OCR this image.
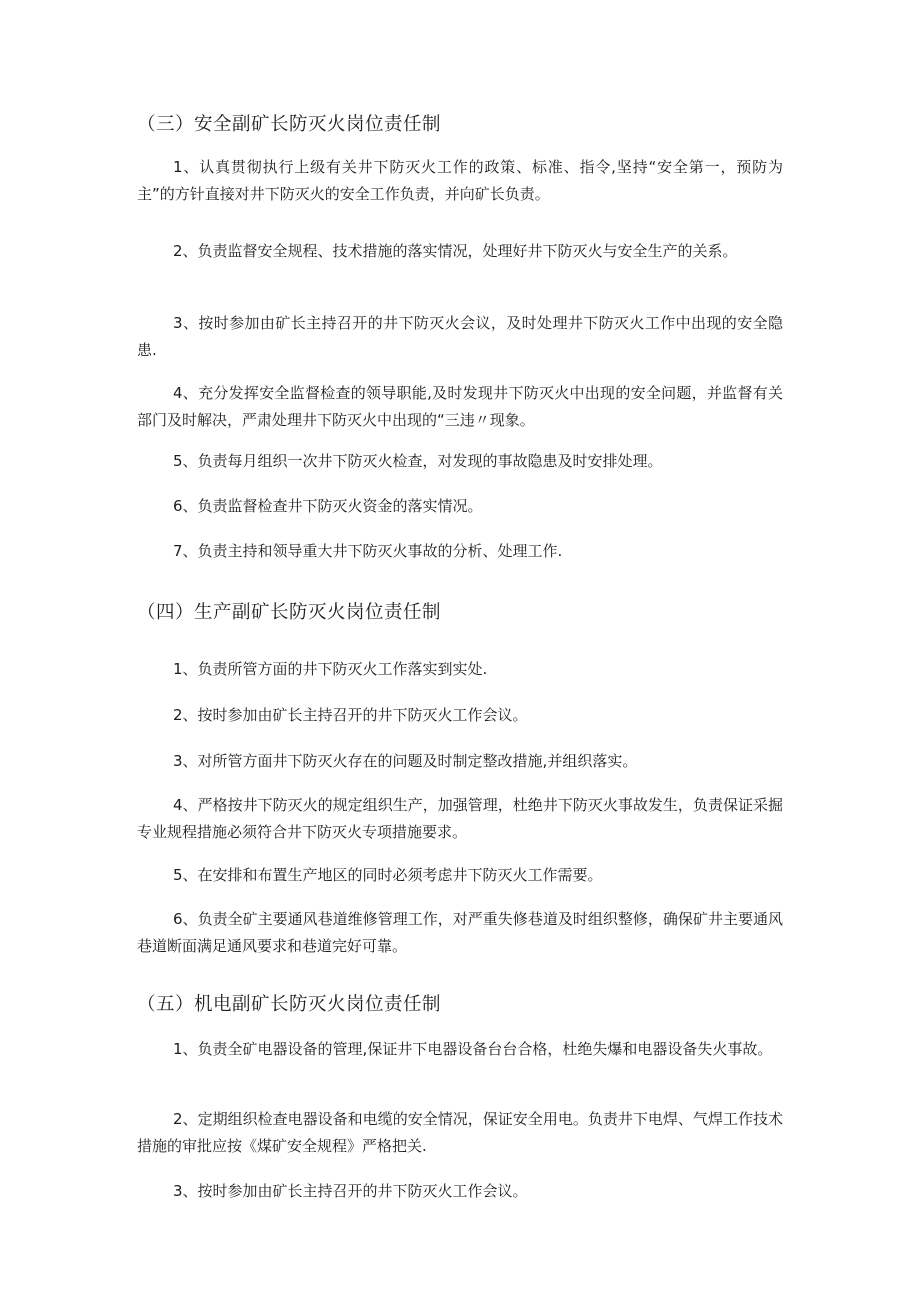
（三）安全副矿长防灭火岗位责任制

1、认真贯彻执行上级有关井下防灭火工作的政策、标准、指令,坚持“安全第一，预防为主”的方针直接对井下防灭火的安全工作负责，并向矿长负责。

2、负责监督安全规程、技术措施的落实情况，处理好井下防灭火与安全生产的关系。

3、按时参加由矿长主持召开的井下防灭火会议，及时处理井下防灭火工作中出现的安全隐患.

4、充分发挥安全监督检查的领导职能,及时发现井下防灭火中出现的安全问题，并监督有关部门及时解决，严肃处理井下防灭火中出现的“三违〃现象。

5、负责每月组织一次井下防灭火检查，对发现的事故隐患及时安排处理。

6、负责监督检查井下防灭火资金的落实情况。

7、负责主持和领导重大井下防灭火事故的分析、处理工作.

（四）生产副矿长防灭火岗位责任制

1、负责所管方面的井下防灭火工作落实到实处.

2、按时参加由矿长主持召开的井下防灭火工作会议。

3、对所管方面井下防灭火存在的问题及时制定整改措施,并组织落实。

4、严格按井下防灭火的规定组织生产，加强管理，杜绝井下防灭火事故发生，负责保证采掘专业规程措施必须符合井下防灭火专项措施要求。

5、在安排和布置生产地区的同时必须考虑井下防灭火工作需要。

6、负责全矿主要通风巷道维修管理工作，对严重失修巷道及时组织整修，确保矿井主要通风巷道断面满足通风要求和巷道完好可靠。

（五）机电副矿长防灭火岗位责任制

1、负责全矿电器设备的管理,保证井下电器设备台台合格，杜绝失爆和电器设备失火事故。

2、定期组织检查电器设备和电缆的安全情况，保证安全用电。负责井下电焊、气焊工作技术措施的审批应按《煤矿安全规程》严格把关.

3、按时参加由矿长主持召开的井下防灭火工作会议。
